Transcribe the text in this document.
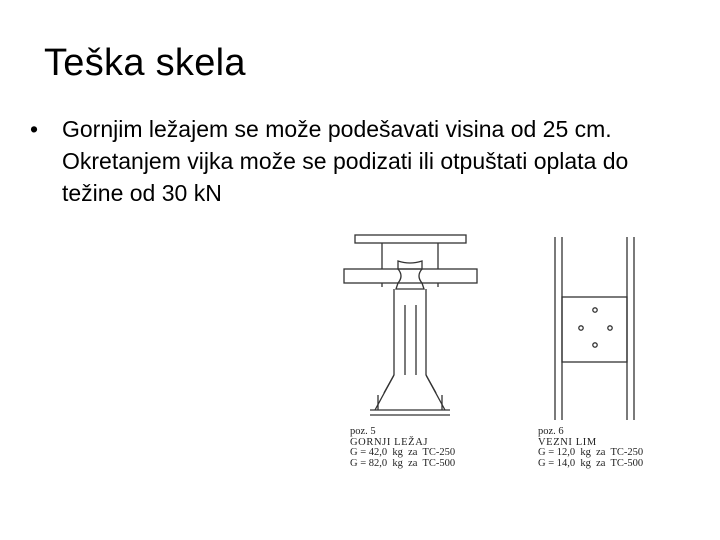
Teška skela
•	Gornjim ležajem se može podešavati visina od 25 cm. Okretanjem vijka može se podizati ili otpuštati oplata do težine od 30 kN
poz. 5
GORNJI LEŽAJ
G = 42,0  kg  za  TC-250
G = 82,0  kg  za  TC-500
poz. 6
VEZNI LIM
G = 12,0  kg  za  TC-250
G = 14,0  kg  za  TC-500
